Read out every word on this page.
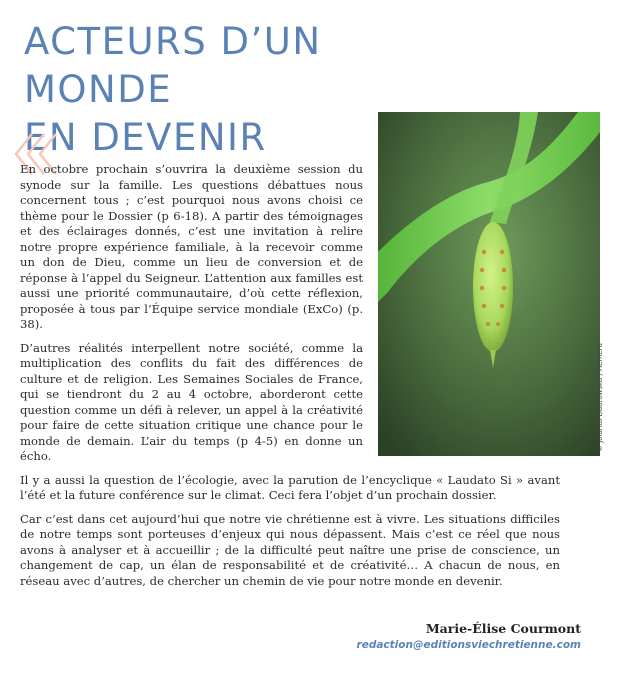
ACTEURS D’UN MONDE
EN DEVENIR
© Jolanta Dabrowska / Hemera

En octobre prochain s’ouvrira la deuxième session du synode sur la famille. Les questions débattues nous concernent tous ; c’est pourquoi nous avons choisi ce thème pour le Dossier (p 6-18). A partir des témoignages et des éclairages donnés, c’est une invitation à relire notre propre expérience familiale, à la recevoir comme un don de Dieu, comme un lieu de conversion et de réponse à l’appel du Seigneur. L’attention aux familles est aussi une priorité communautaire, d’où cette réflexion, proposée à tous par l’Équipe service mondiale (ExCo) (p. 38).

D’autres réalités interpellent notre société, comme la multiplication des conflits du fait des différences de culture et de religion. Les Semaines Sociales de France, qui se tiendront du 2 au 4 octobre, aborderont cette question comme un défi à relever, un appel à la créativité pour faire de cette situation critique une chance pour le monde de demain. L’air du temps (p 4-5) en donne un écho.

Il y a aussi la question de l’écologie, avec la parution de l’encyclique « Laudato Si » avant l’été et la future conférence sur le climat. Ceci fera l’objet d’un prochain dossier.

Car c’est dans cet aujourd’hui que notre vie chrétienne est à vivre. Les situations difficiles de notre temps sont porteuses d’enjeux qui nous dépassent. Mais c’est ce réel que nous avons à analyser et à accueillir ; de la difficulté peut naître une prise de conscience, un changement de cap, un élan de responsabilité et de créativité… A chacun de nous, en réseau avec d’autres, de chercher un chemin de vie pour notre monde en devenir.

Marie-Élise Courmont
redaction@editionsviechretienne.com
